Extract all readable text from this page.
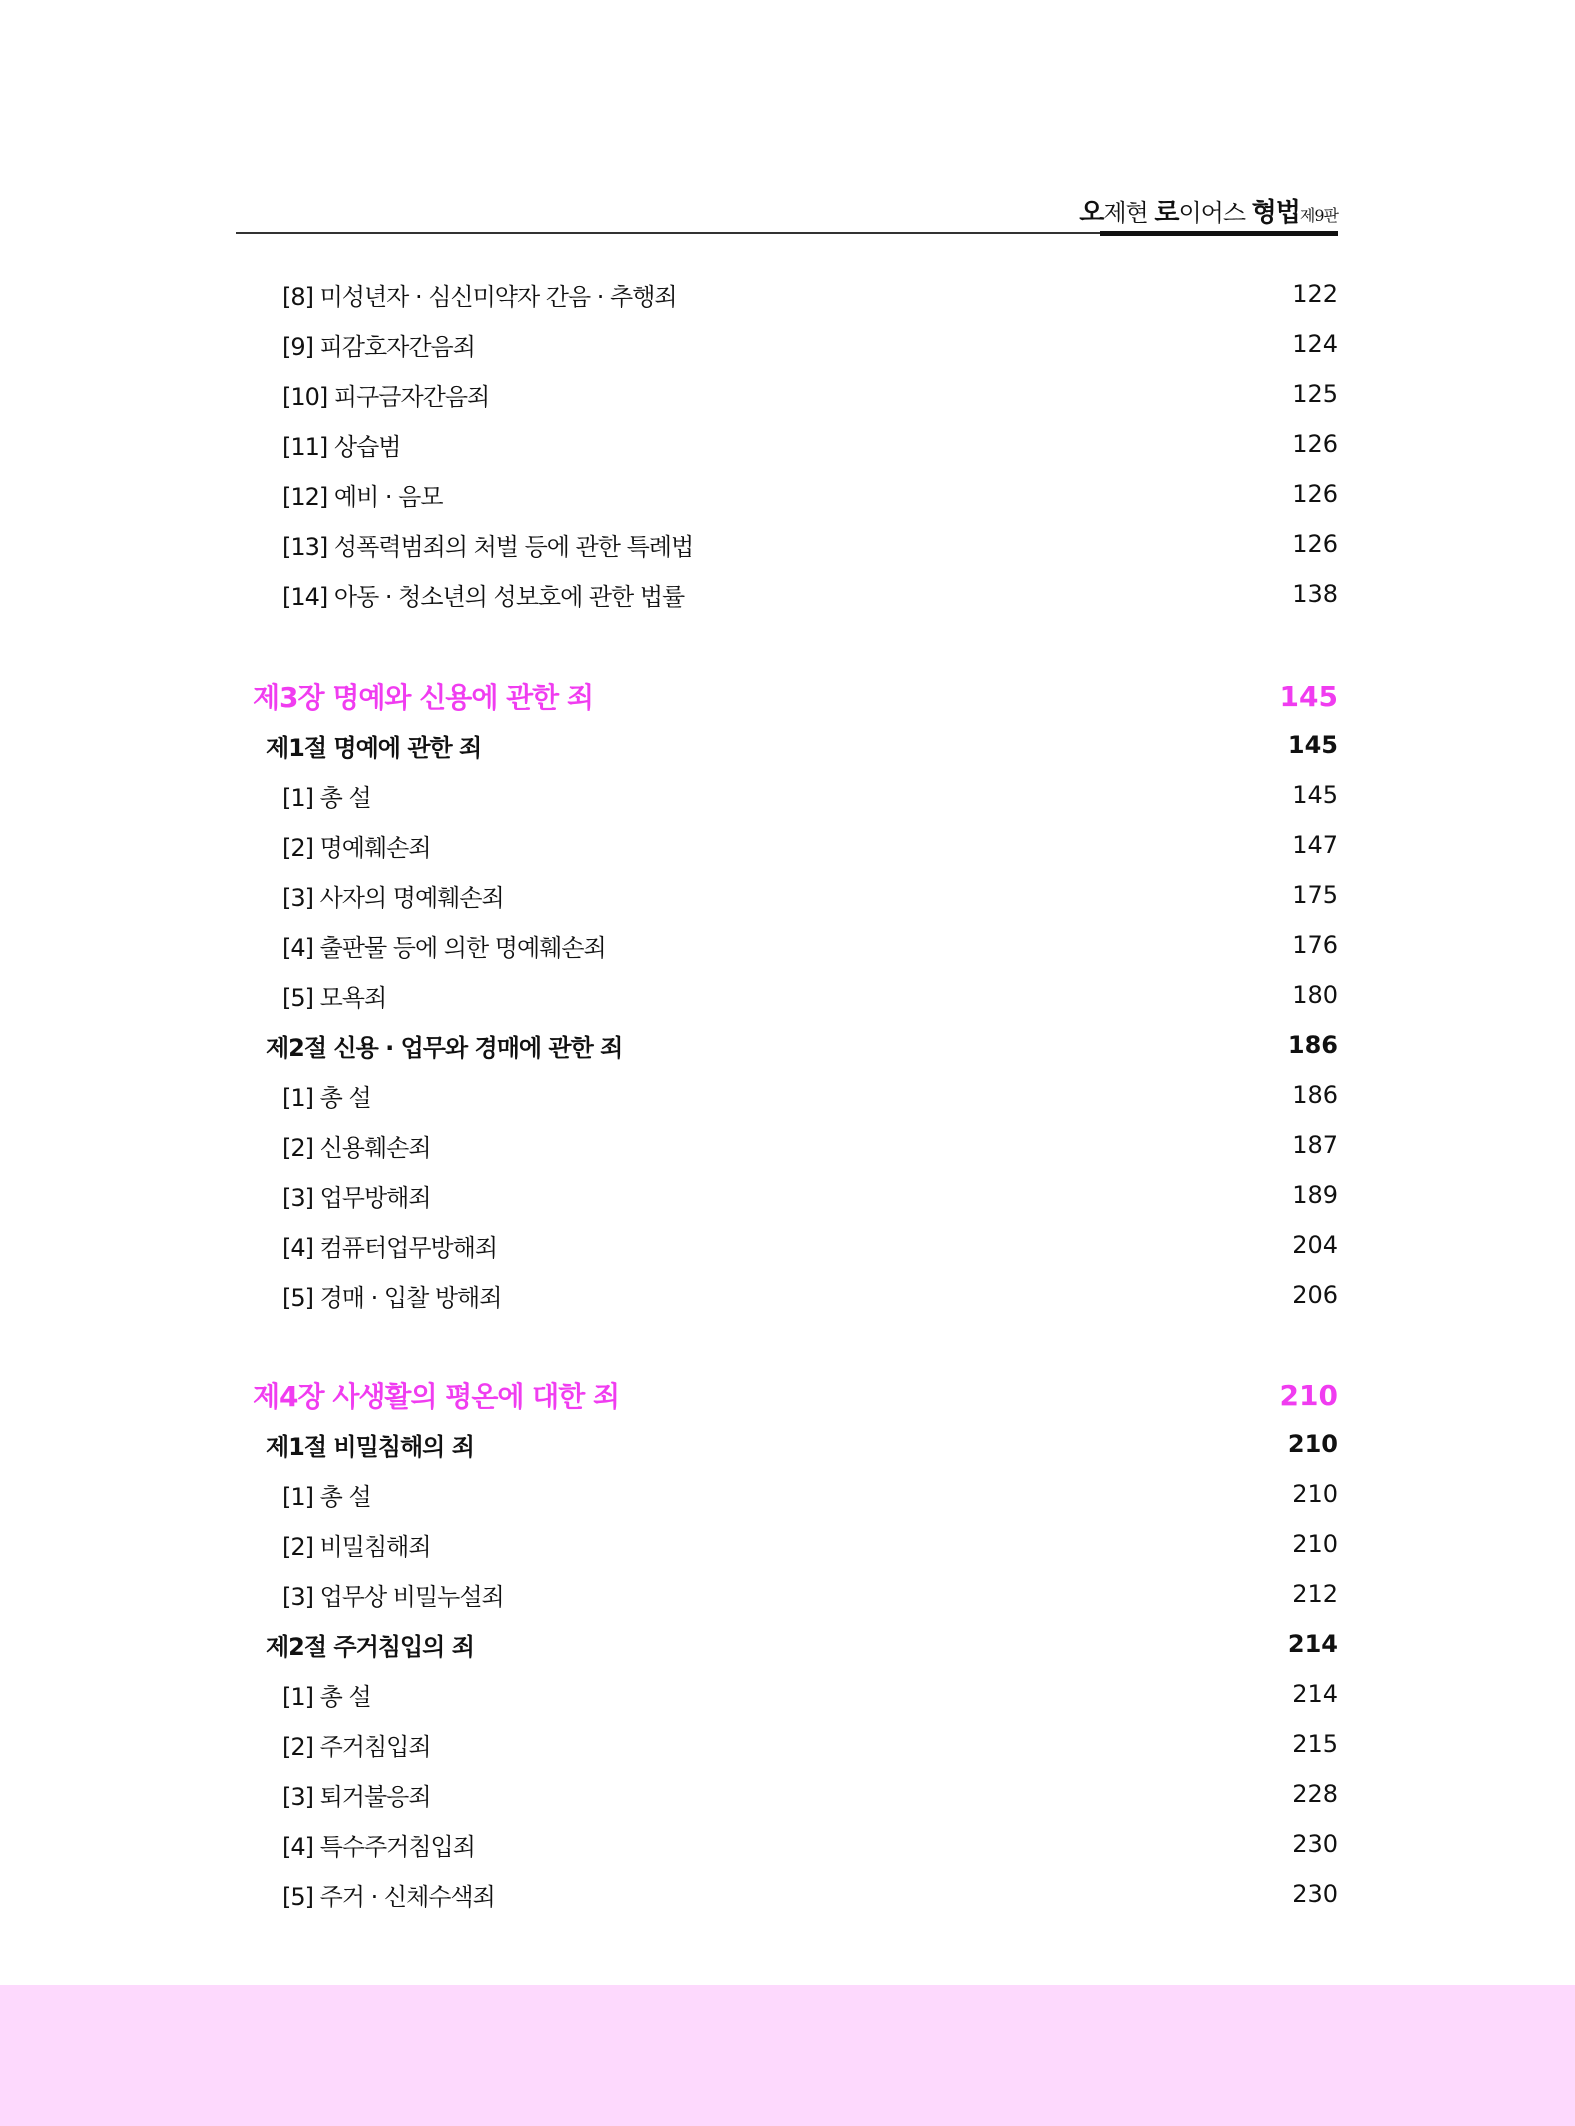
오제현 로이어스 형법제9판
[8] 미성년자 · 심신미약자 간음 · 추행죄	122
[9] 피감호자간음죄	124
[10] 피구금자간음죄	125
[11] 상습범	126
[12] 예비 · 음모	126
[13] 성폭력범죄의 처벌 등에 관한 특례법	126
[14] 아동 · 청소년의 성보호에 관한 법률	138
제3장 명예와 신용에 관한 죄	145
제1절 명예에 관한 죄	145
[1] 총 설	145
[2] 명예훼손죄	147
[3] 사자의 명예훼손죄	175
[4] 출판물 등에 의한 명예훼손죄	176
[5] 모욕죄	180
제2절 신용 · 업무와 경매에 관한 죄	186
[1] 총 설	186
[2] 신용훼손죄	187
[3] 업무방해죄	189
[4] 컴퓨터업무방해죄	204
[5] 경매 · 입찰 방해죄	206
제4장 사생활의 평온에 대한 죄	210
제1절 비밀침해의 죄	210
[1] 총 설	210
[2] 비밀침해죄	210
[3] 업무상 비밀누설죄	212
제2절 주거침입의 죄	214
[1] 총 설	214
[2] 주거침입죄	215
[3] 퇴거불응죄	228
[4] 특수주거침입죄	230
[5] 주거 · 신체수색죄	230
